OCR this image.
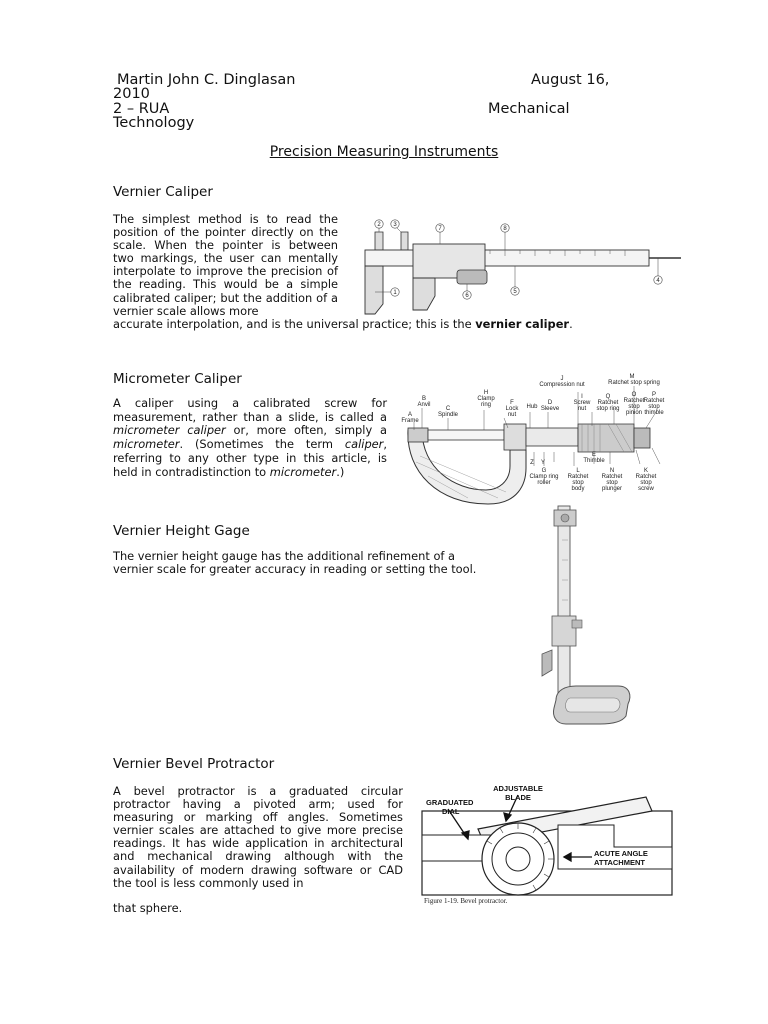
Martin John C. Dinglasan	August 16,
2010
2 – RUA	Mechanical
Technology
Precision Measuring Instruments
Vernier Caliper
The simplest method is to read the position of the pointer directly on the scale. When the pointer is between two markings, the user can mentally interpolate to improve the precision of the reading. This would be a simple calibrated caliper; but the addition of a vernier scale allows more
accurate interpolation, and is the universal practice; this is the vernier caliper.
2 3
7	8
4
5
1	6
Micrometer Caliper
A caliper using a calibrated screw for measurement, rather than a slide, is called a micrometer caliper or, more often, simply a micrometer. (Sometimes the term caliper, referring to any other type in this article, is held in contradistinction to micrometer.)
A
Frame
B
Anvil
C
Spindle
H
Clamp
ring	F
Lock
nut
Hub
D
Sleeve
J
Compression nut
I
Screw
nut
Q
Ratchet
stop ring
M
Ratchet stop spring
O
Ratchet
stop
pinion
P
Ratchet
stop
thimble
E
Thimble
Z Y
G
Clamp ring
roller
L
Ratchet
stop
body
N
Ratchet
stop
plunger
K
Ratchet
stop
screw
Vernier Height Gage
The vernier height gauge has the additional refinement of a vernier scale for greater accuracy in reading or setting the tool.
Vernier Bevel Protractor
A bevel protractor is a graduated circular protractor having a pivoted arm; used for measuring or marking off angles. Sometimes vernier scales are attached to give more precise readings. It has wide application in architectural and mechanical drawing although with the availability of modern drawing software or CAD the tool is less commonly used in
that sphere.
ADJUSTABLE
BLADE
GRADUATED
DIAL
ACUTE ANGLE
ATTACHMENT
Figure 1-19. Bevel protractor.
